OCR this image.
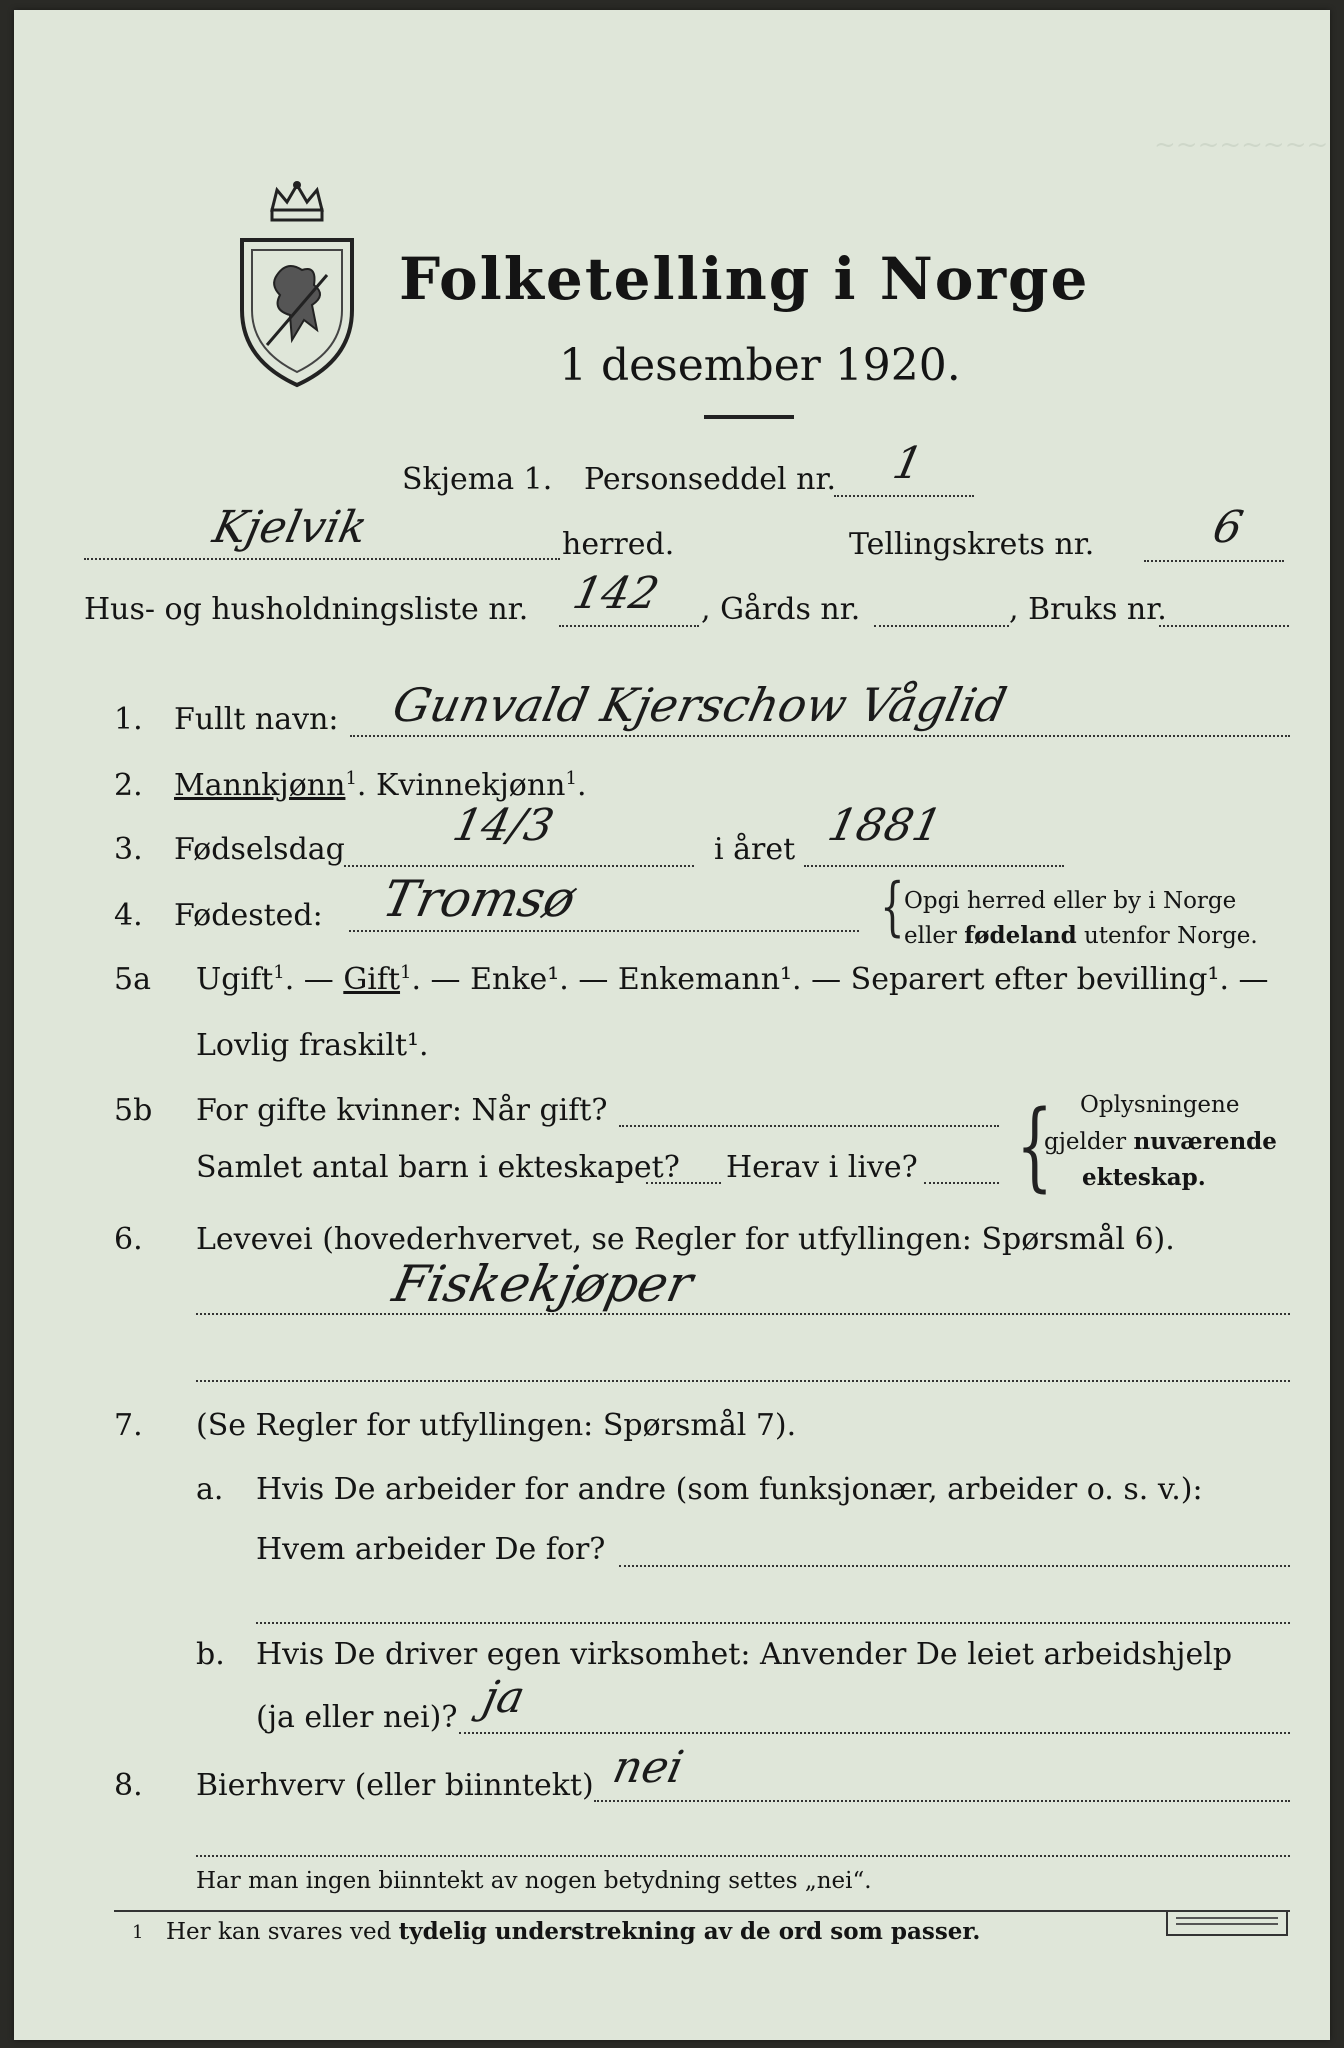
~~~~~~~~
Folketelling i Norge
1 desember 1920.
Skjema 1. Personseddel nr. 1
Kjelvik	herred.	Tellingskrets nr.	6
Hus- og husholdningsliste nr. 142 , Gårds nr.	, Bruks nr.
1. Fullt navn: Gunvald Kjerschow Våglid
2. Mannkjønn$^1$. Kvinnekjønn$^1$.
3. Fødselsdag 14/3	i året 1881
4. Fødested: Tromsø	{ Opgi herred eller by i Norge
eller fødeland utenfor Norge.
5a Ugift$^1$. — Gift$^1$. — Enke¹. — Enkemann¹. — Separert efter bevilling¹. —
Lovlig fraskilt¹.
5b For gifte kvinner: Når gift?
Samlet antal barn i ekteskapet? Herav i live? { Oplysningene
gjelder nuværende
ekteskap.
6. Levevei (hovederhvervet, se Regler for utfyllingen: Spørsmål 6).
Fiskekjøper
7. (Se Regler for utfyllingen: Spørsmål 7).
a. Hvis De arbeider for andre (som funksjonær, arbeider o. s. v.):
Hvem arbeider De for?
b. Hvis De driver egen virksomhet: Anvender De leiet arbeidshjelp
(ja eller nei)? ja
8. Bierhverv (eller biinntekt) nei
Har man ingen biinntekt av nogen betydning settes „nei“.
1 Her kan svares ved tydelig understrekning av de ord som passer.
